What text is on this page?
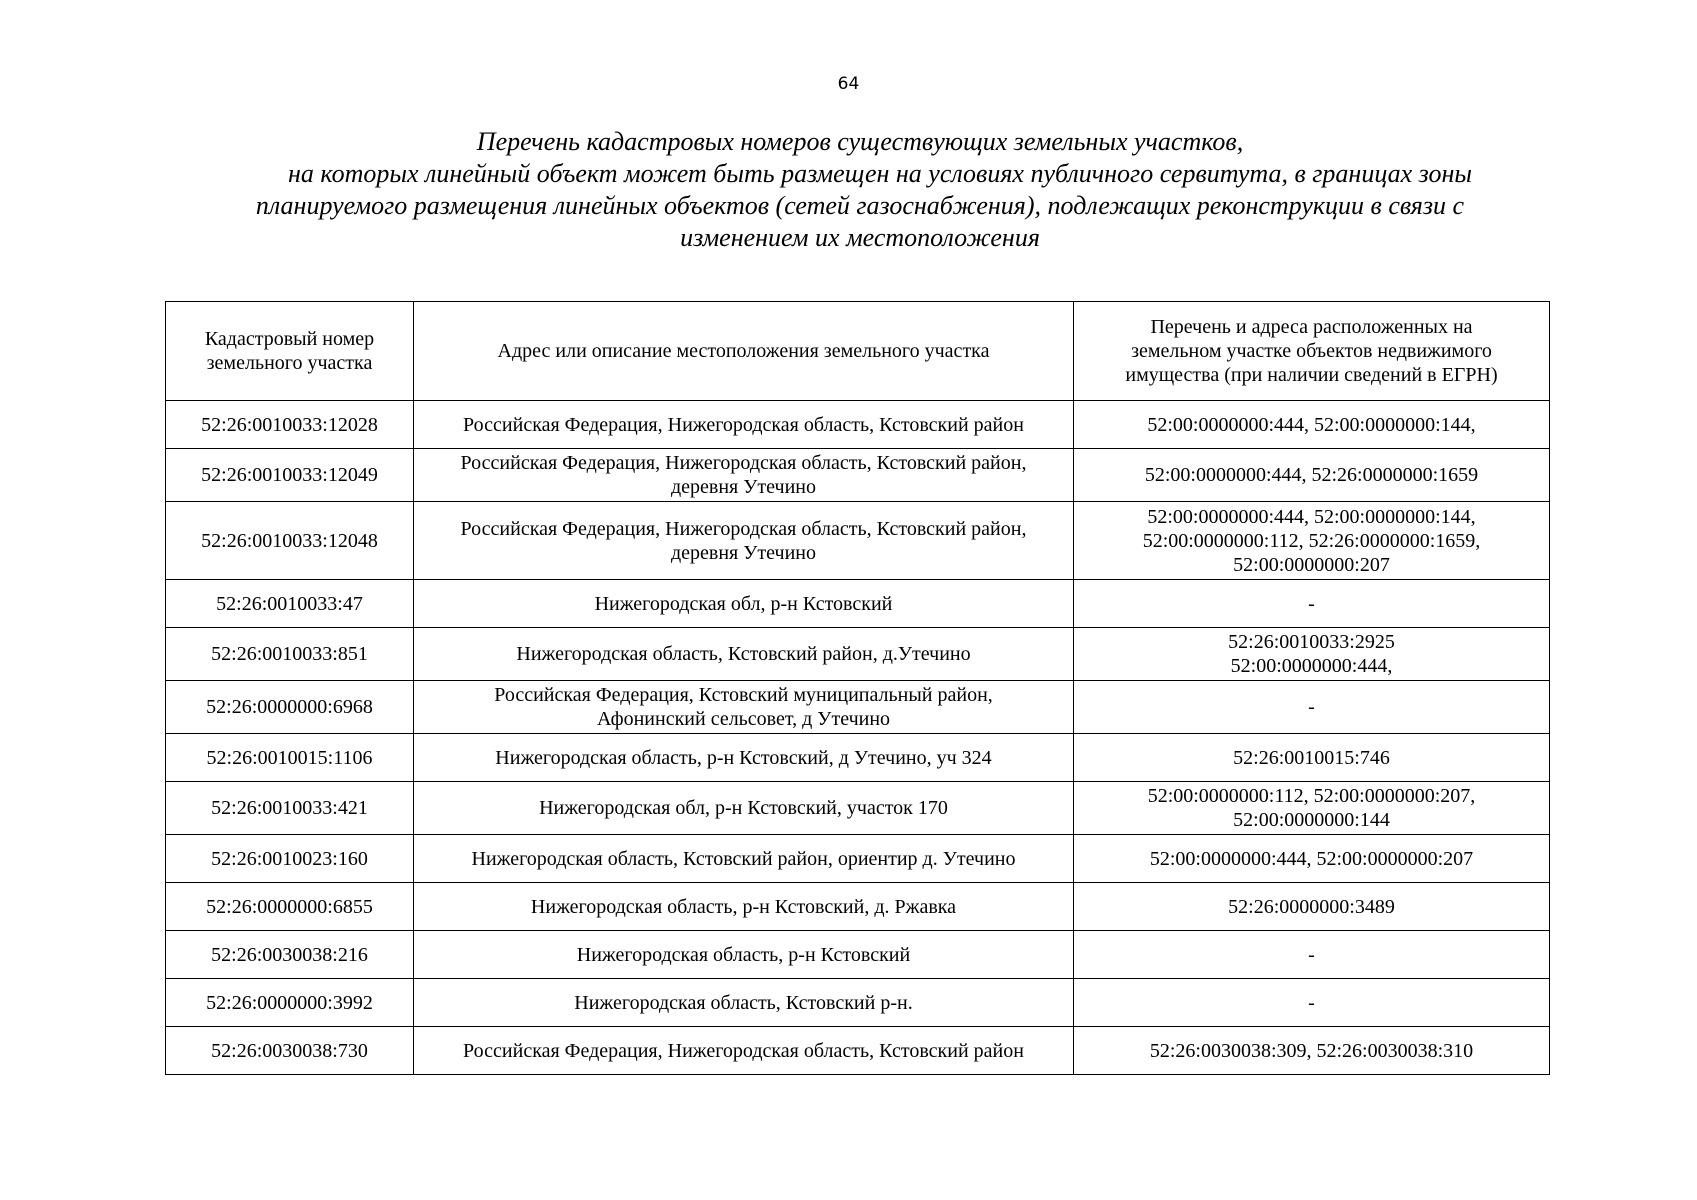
64
Перечень кадастровых номеров существующих земельных участков,
на которых линейный объект может быть размещен на условиях публичного сервитута, в границах зоны
планируемого размещения линейных объектов (сетей газоснабжения), подлежащих реконструкции в связи с
изменением их местоположения
Кадастровый номер
земельного участка	Адрес или описание местоположения земельного участка	Перечень и адреса расположенных на
земельном участке объектов недвижимого
имущества (при наличии сведений в ЕГРН)

52:26:0010033:12028	Российская Федерация, Нижегородская область, Кстовский район	52:00:0000000:444, 52:00:0000000:144,

52:26:0010033:12049	Российская Федерация, Нижегородская область, Кстовский район,
деревня Утечино	52:00:0000000:444, 52:26:0000000:1659

52:26:0010033:12048	Российская Федерация, Нижегородская область, Кстовский район,
деревня Утечино	52:00:0000000:444, 52:00:0000000:144,
52:00:0000000:112, 52:26:0000000:1659,
52:00:0000000:207

52:26:0010033:47	Нижегородская обл, р-н Кстовский	-

52:26:0010033:851	Нижегородская область, Кстовский район, д.Утечино	52:26:0010033:2925
52:00:0000000:444,

52:26:0000000:6968	Российская Федерация, Кстовский муниципальный район,
Афонинский сельсовет, д Утечино	-

52:26:0010015:1106	Нижегородская область, р-н Кстовский, д Утечино, уч 324	52:26:0010015:746

52:26:0010033:421	Нижегородская обл, р-н Кстовский, участок 170	52:00:0000000:112, 52:00:0000000:207,
52:00:0000000:144

52:26:0010023:160	Нижегородская область, Кстовский район, ориентир д. Утечино	52:00:0000000:444, 52:00:0000000:207

52:26:0000000:6855	Нижегородская область, р-н Кстовский, д. Ржавка	52:26:0000000:3489

52:26:0030038:216	Нижегородская область, р-н Кстовский	-

52:26:0000000:3992	Нижегородская область, Кстовский р-н.	-

52:26:0030038:730	Российская Федерация, Нижегородская область, Кстовский район	52:26:0030038:309, 52:26:0030038:310
